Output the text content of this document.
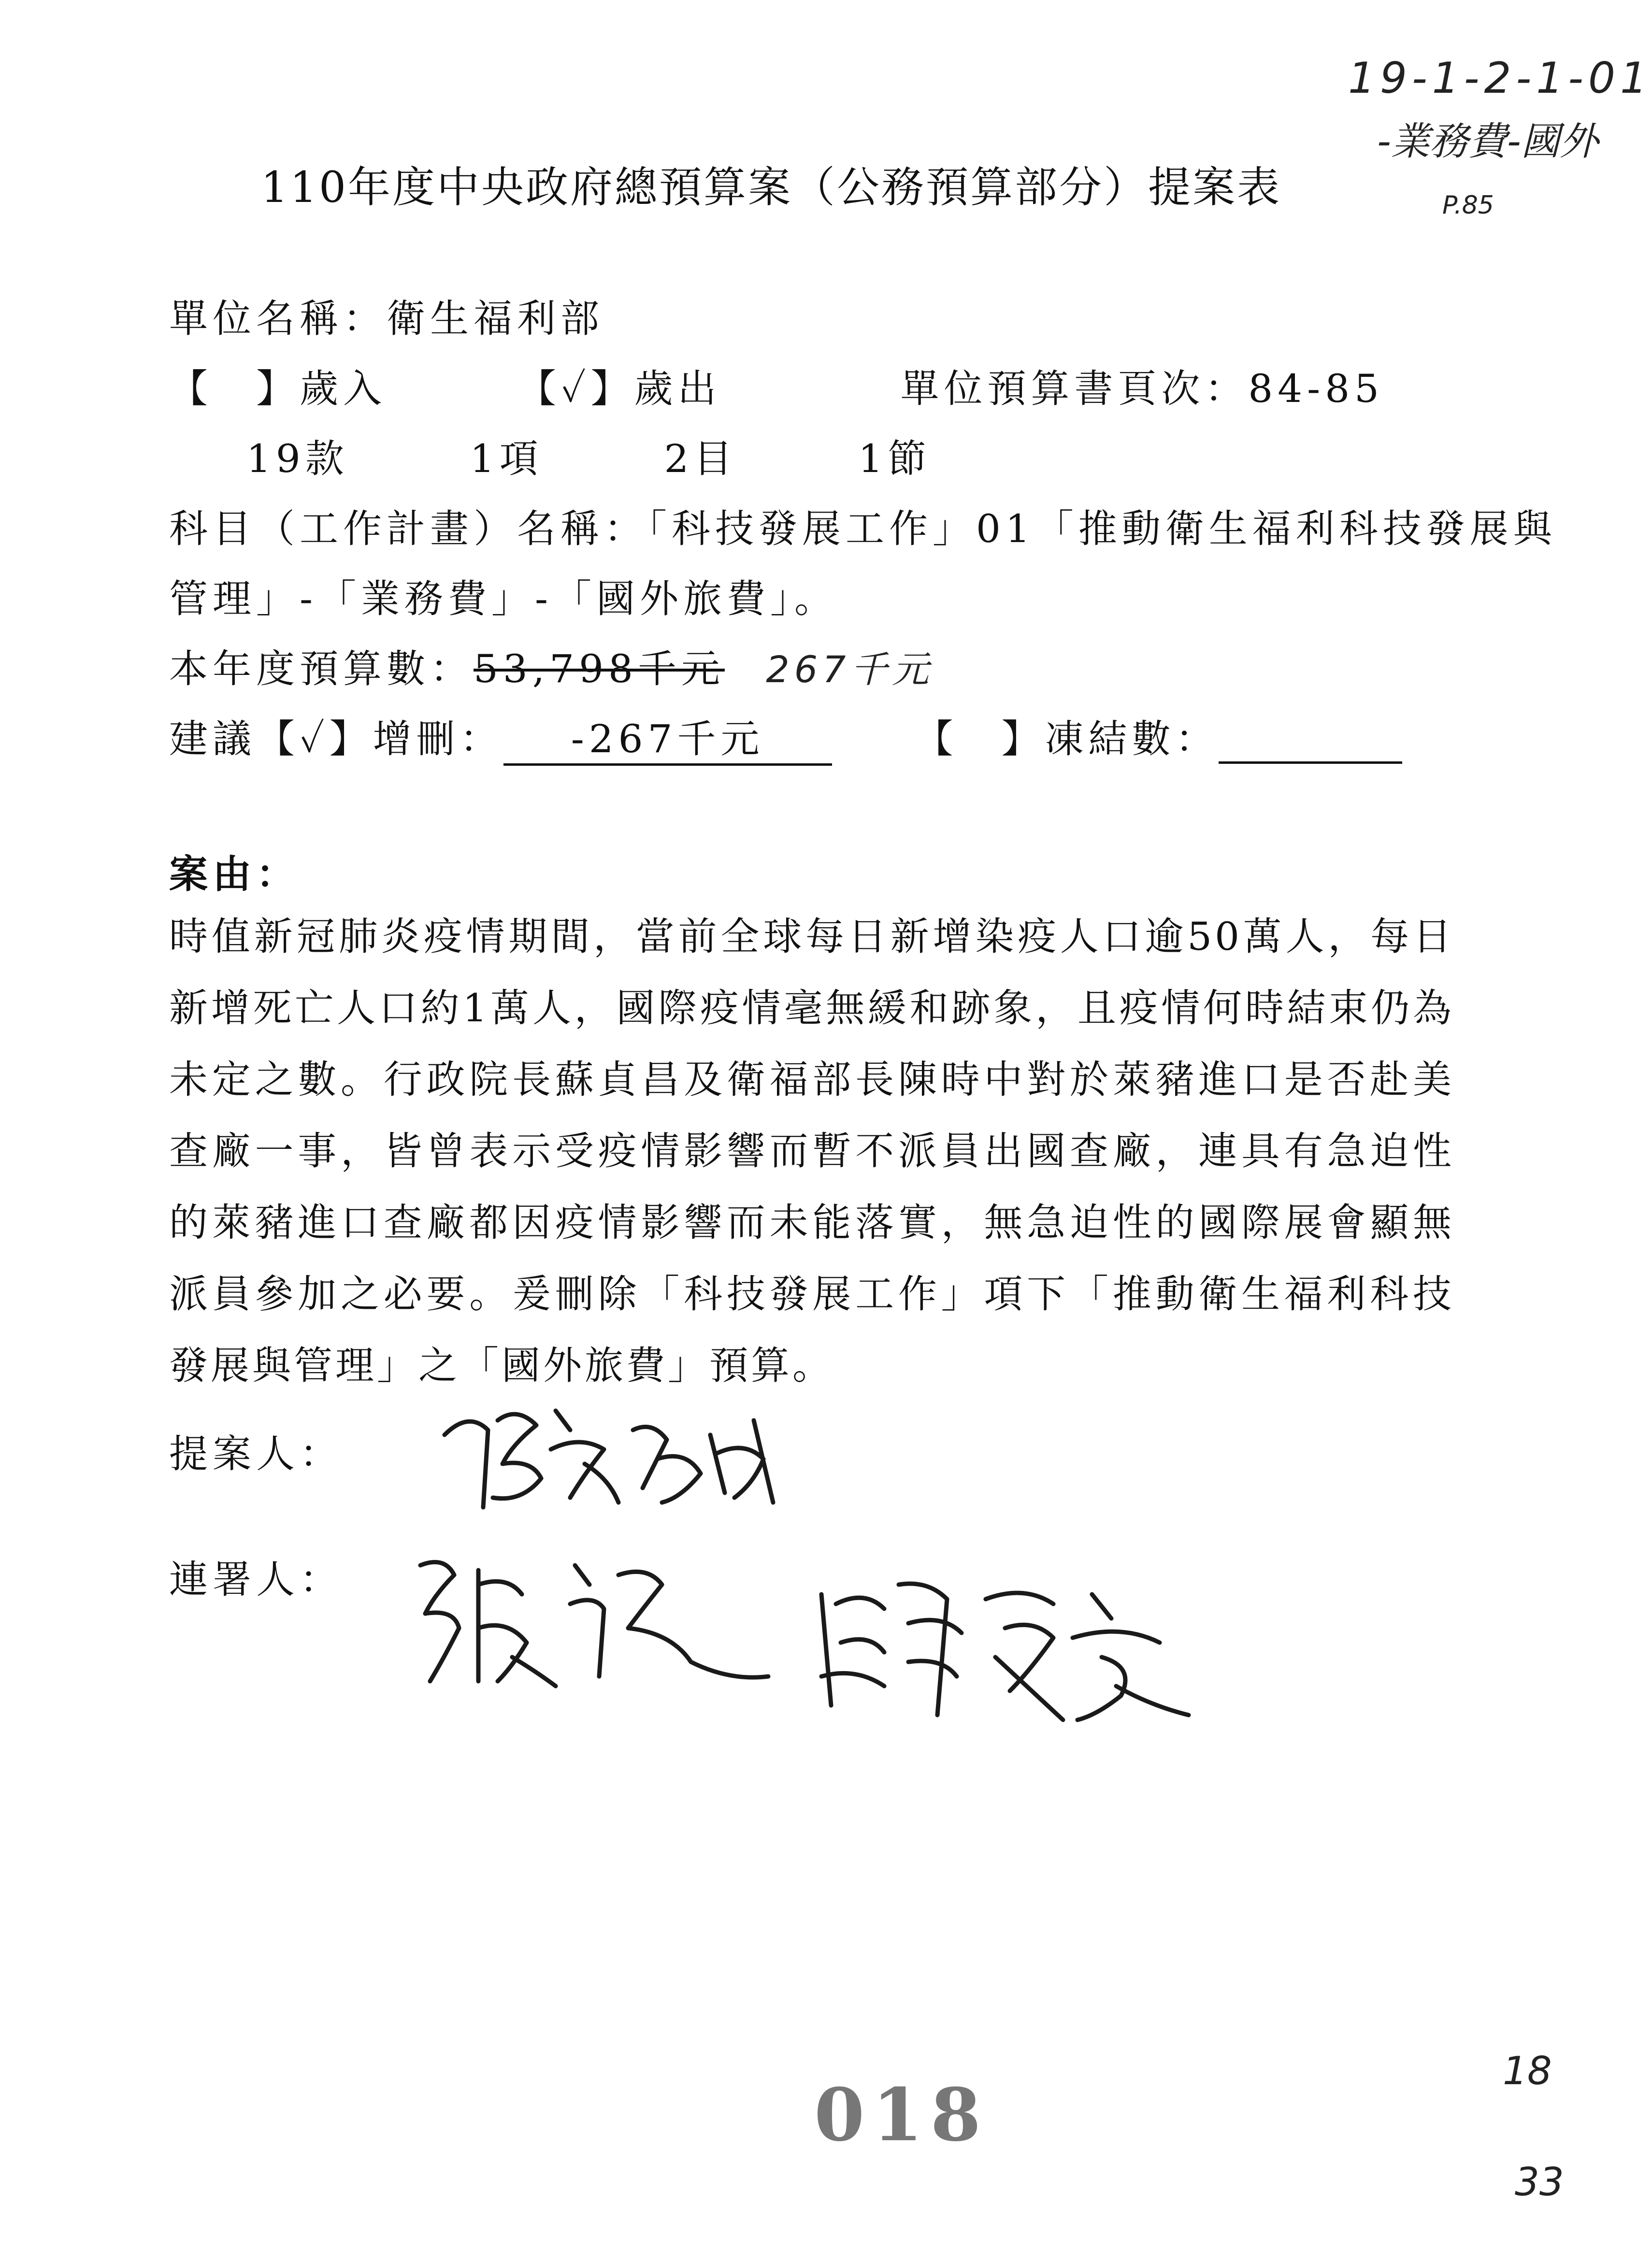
19-1-2-1-01
-業務費-國外
P.85
110年度中央政府總預算案（公務預算部分）提案表
單位名稱：衛生福利部
【　】歲入	【✓】歲出	單位預算書頁次：84-85
19款	1項	2目	1節
科目（工作計畫）名稱：「科技發展工作」01「推動衛生福利科技發展與
管理」-「業務費」-「國外旅費」。
本年度預算數：53,798千元 267千元
建議【✓】增刪： -267千元	【　】凍結數：
案由：
時值新冠肺炎疫情期間，當前全球每日新增染疫人口逾50萬人，每日新增死亡人口約1萬人，國際疫情毫無緩和跡象，且疫情何時結束仍為未定之數。行政院長蘇貞昌及衛福部長陳時中對於萊豬進口是否赴美查廠一事，皆曾表示受疫情影響而暫不派員出國查廠，連具有急迫性的萊豬進口查廠都因疫情影響而未能落實，無急迫性的國際展會顯無派員參加之必要。爰刪除「科技發展工作」項下「推動衛生福利科技發展與管理」之「國外旅費」預算。
提案人：
連署人：
018
18
33
